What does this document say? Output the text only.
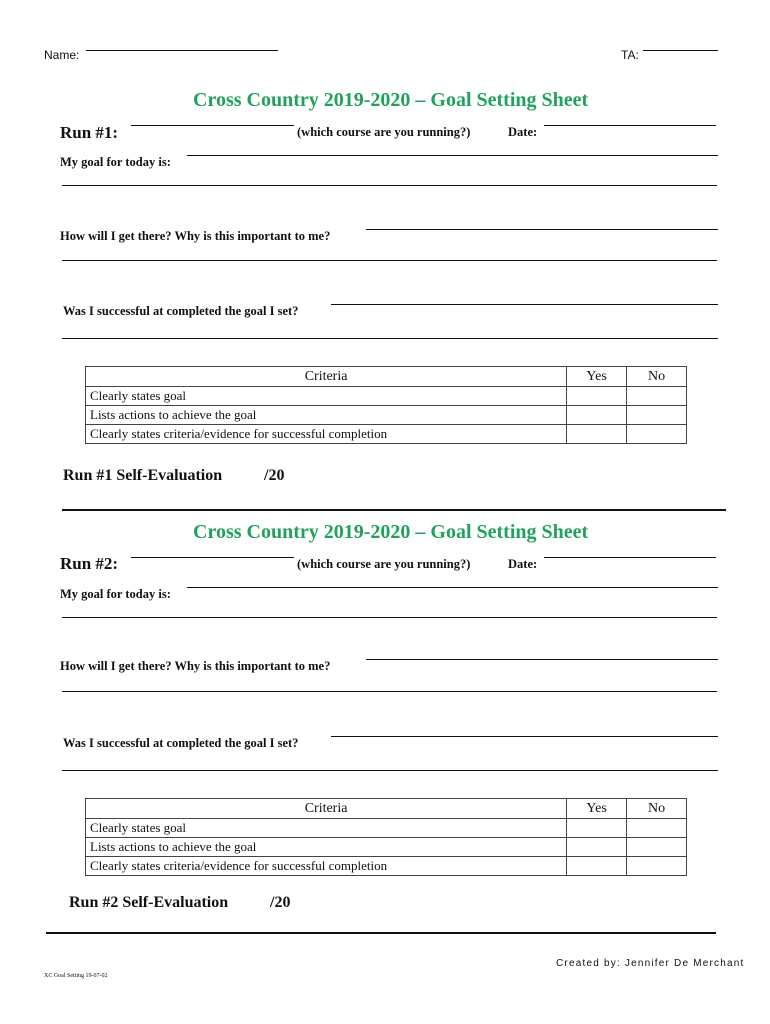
Name:	TA:
Cross Country 2019-2020 – Goal Setting Sheet
Run #1:	(which course are you running?)	Date:
My goal for today is:
How will I get there? Why is this important to me?
Was I successful at completed the goal I set?
Criteria	Yes	No
Clearly states goal		
Lists actions to achieve the goal		
Clearly states criteria/evidence for successful completion		
Run #1 Self-Evaluation	/20
Cross Country 2019-2020 – Goal Setting Sheet
Run #2:	(which course are you running?)	Date:
My goal for today is:
How will I get there? Why is this important to me?
Was I successful at completed the goal I set?
Criteria	Yes	No
Clearly states goal		
Lists actions to achieve the goal		
Clearly states criteria/evidence for successful completion		
Run #2 Self-Evaluation	/20
Created by: Jennifer De Merchant
XC Goal Setting 19-07-02
